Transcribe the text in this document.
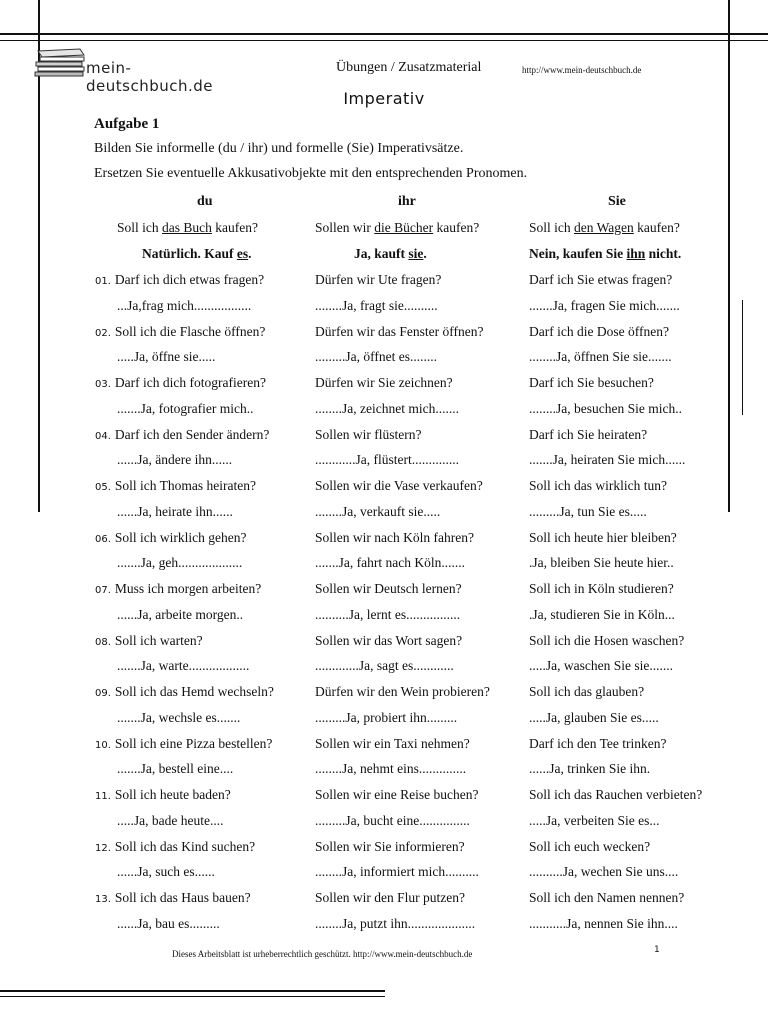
mein-deutschbuch.de
Übungen / Zusatzmaterial	http://www.mein-deutschbuch.de
Imperativ
Aufgabe 1
Bilden Sie informelle (du / ihr) und formelle (Sie) Imperativsätze.
Ersetzen Sie eventuelle Akkusativobjekte mit den entsprechenden Pronomen.
du	ihr	Sie
Soll ich das Buch kaufen?	Sollen wir die Bücher kaufen?	Soll ich den Wagen kaufen?
Natürlich. Kauf es.	Ja, kauft sie.	Nein, kaufen Sie ihn nicht.
01. Darf ich dich etwas fragen?	Dürfen wir Ute fragen?	Darf ich Sie etwas fragen?
...Ja,frag mich.................	........Ja, fragt sie..........	.......Ja, fragen Sie mich.......
02. Soll ich die Flasche öffnen?	Dürfen wir das Fenster öffnen?	Darf ich die Dose öffnen?
.....Ja, öffne sie.....	.........Ja, öffnet es........	........Ja, öffnen Sie sie.......
03. Darf ich dich fotografieren?	Dürfen wir Sie zeichnen?	Darf ich Sie besuchen?
.......Ja, fotografier mich..	........Ja, zeichnet mich.......	........Ja, besuchen Sie mich..
04. Darf ich den Sender ändern?	Sollen wir flüstern?	Darf ich Sie heiraten?
......Ja, ändere ihn......	............Ja, flüstert..............	.......Ja, heiraten Sie mich......
05. Soll ich Thomas heiraten?	Sollen wir die Vase verkaufen?	Soll ich das wirklich tun?
......Ja, heirate ihn......	........Ja, verkauft sie.....	.........Ja, tun Sie es.....
06. Soll ich wirklich gehen?	Sollen wir nach Köln fahren?	Soll ich heute hier bleiben?
.......Ja, geh...................	.......Ja, fahrt nach Köln.......	.Ja, bleiben Sie heute hier..
07. Muss ich morgen arbeiten?	Sollen wir Deutsch lernen?	Soll ich in Köln studieren?
......Ja, arbeite morgen..	..........Ja, lernt es................	.Ja, studieren Sie in Köln...
08. Soll ich warten?	Sollen wir das Wort sagen?	Soll ich die Hosen waschen?
.......Ja, warte..................	.............Ja, sagt es............	.....Ja, waschen Sie sie.......
09. Soll ich das Hemd wechseln?	Dürfen wir den Wein probieren?	Soll ich das glauben?
.......Ja, wechsle es.......	.........Ja, probiert ihn.........	.....Ja, glauben Sie es.....
10. Soll ich eine Pizza bestellen?	Sollen wir ein Taxi nehmen?	Darf ich den Tee trinken?
.......Ja, bestell eine....	........Ja, nehmt eins..............	......Ja, trinken Sie ihn.
11. Soll ich heute baden?	Sollen wir eine Reise buchen?	Soll ich das Rauchen verbieten?
.....Ja, bade heute....	.........Ja, bucht eine...............	.....Ja, verbeiten Sie es...
12. Soll ich das Kind suchen?	Sollen wir Sie informieren?	Soll ich euch wecken?
......Ja, such es......	........Ja, informiert mich..........	..........Ja, wechen Sie uns....
13. Soll ich das Haus bauen?	Sollen wir den Flur putzen?	Soll ich den Namen nennen?
......Ja, bau es.........	........Ja, putzt ihn....................	...........Ja, nennen Sie ihn....
Dieses Arbeitsblatt ist urheberrechtlich geschützt. http://www.mein-deutschbuch.de	1
